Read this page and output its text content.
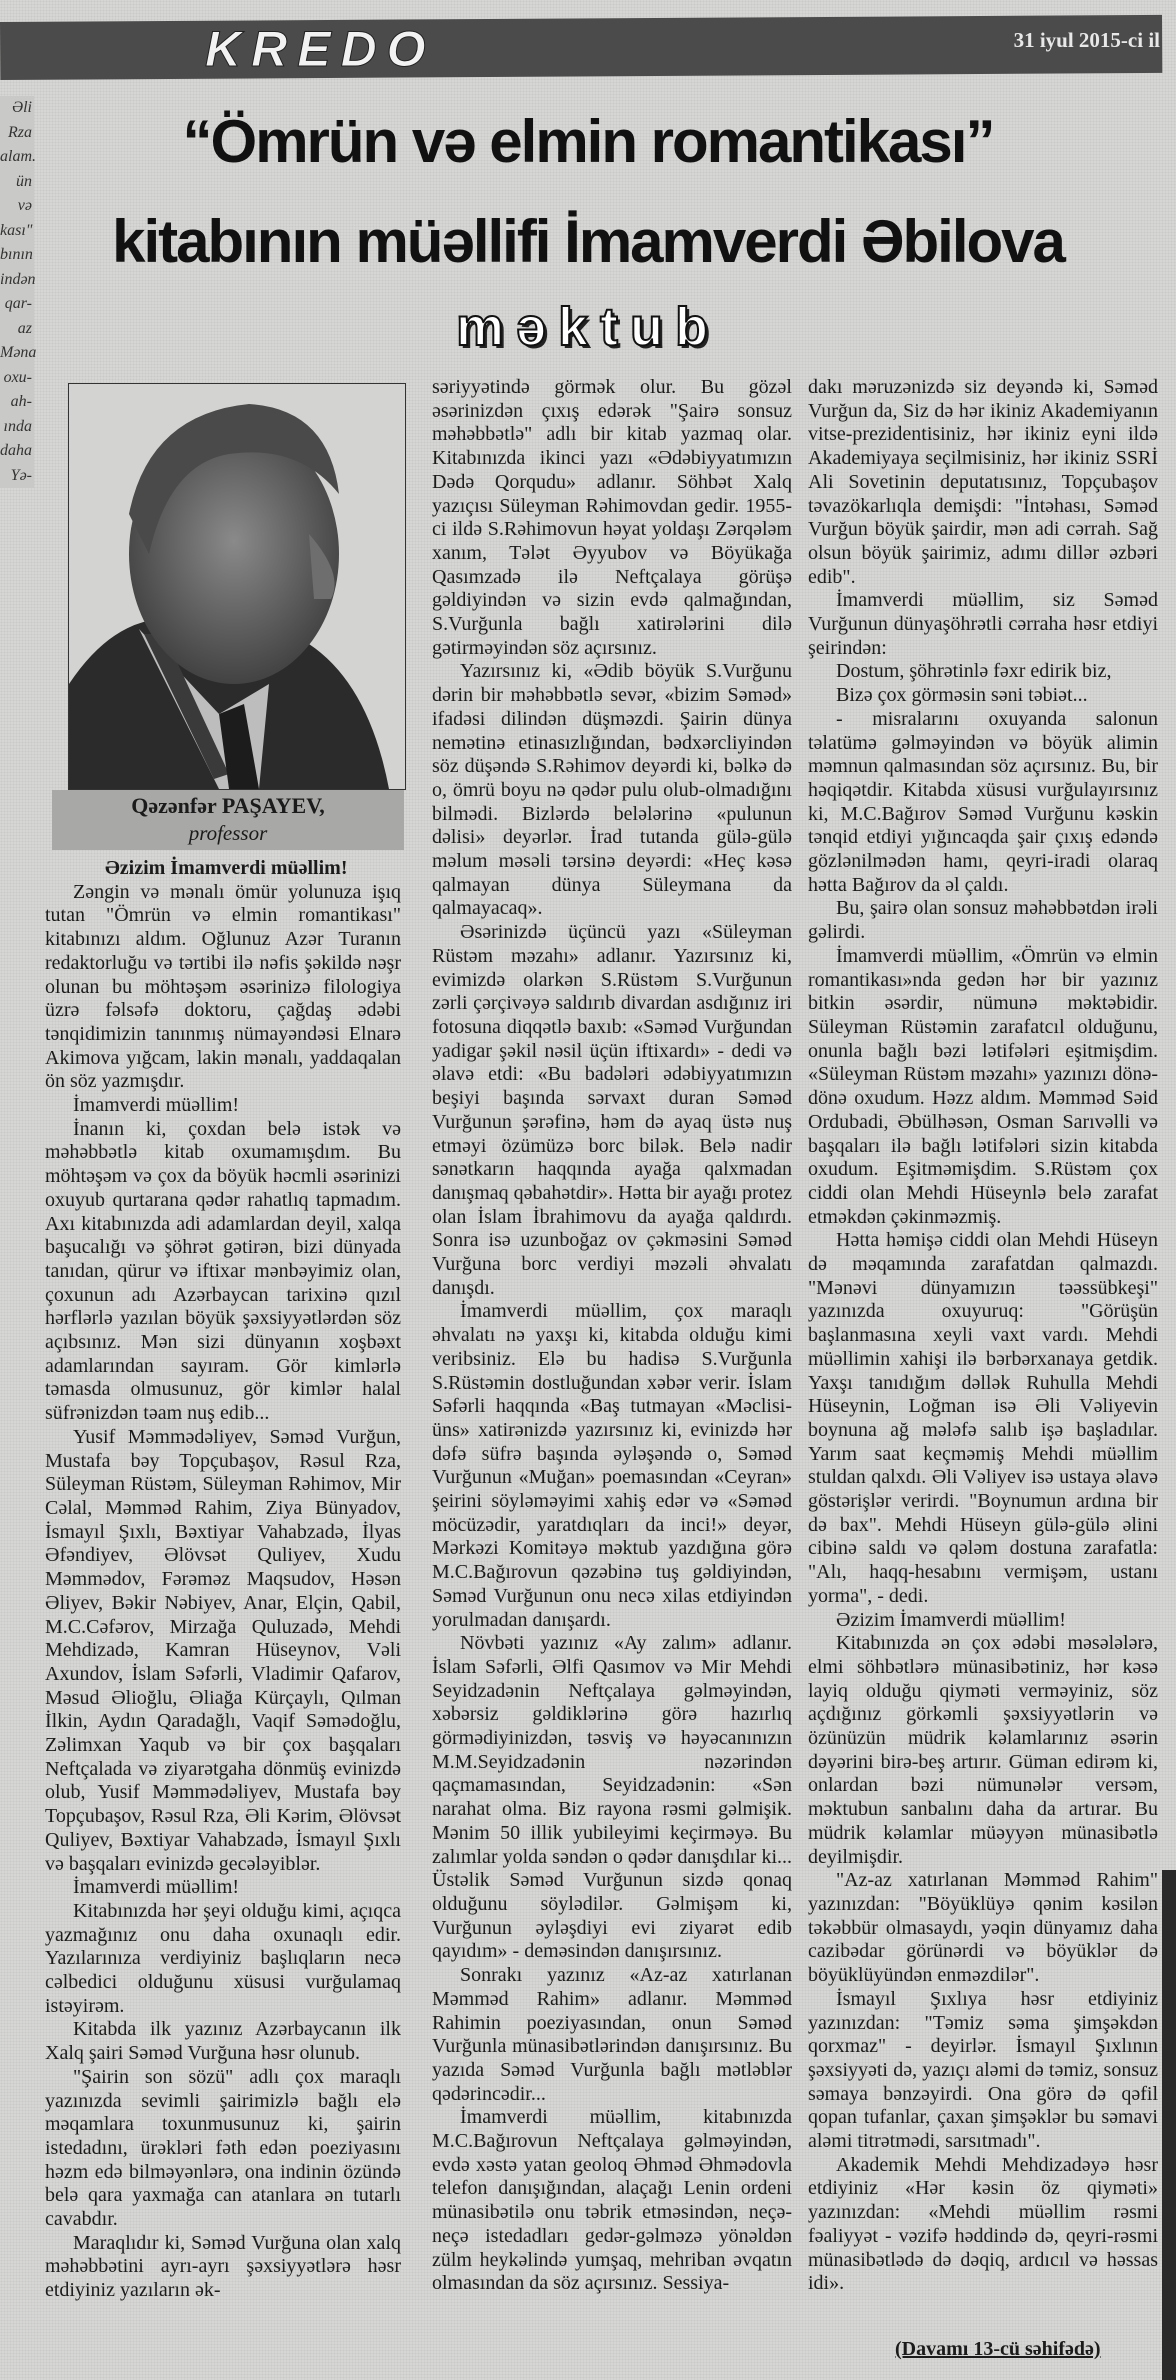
KREDO	31 iyul 2015-ci il
Əli Rza
alam.
ün və
kası"
bının
indən
qar-
az
Məna
oxu-
ah-
ında
daha
Yə-
“Ömrün və elmin romantikası”
kitabının müəllifi İmamverdi Əbilova
məktub
Qəzənfər PAŞAYEV,
professor

Əzizim İmamverdi müəllim!

Zəngin və mənalı ömür yolunuza işıq tutan "Ömrün və elmin romantikası" kitabınızı aldım. Oğlunuz Azər Turanın redaktorluğu və tərtibi ilə nəfis şəkildə nəşr olunan bu möhtəşəm əsərinizə filologiya üzrə fəlsəfə doktoru, çağdaş ədəbi tənqidimizin tanınmış nümayəndəsi Elnarə Akimova yığcam, lakin mənalı, yaddaqalan ön söz yazmışdır.

İmamverdi müəllim!

İnanın ki, çoxdan belə istək və məhəbbətlə kitab oxumamışdım. Bu möhtəşəm və çox da böyük həcmli əsərinizi oxuyub qurtarana qədər rahatlıq tapmadım. Axı kitabınızda adi adamlardan deyil, xalqa başucalığı və şöhrət gətirən, bizi dünyada tanıdan, qürur və iftixar mənbəyimiz olan, çoxunun adı Azərbaycan tarixinə qızıl hərflərlə yazılan böyük şəxsiyyətlərdən söz açıbsınız. Mən sizi dünyanın xoşbəxt adamlarından sayıram. Gör kimlərlə təmasda olmusunuz, gör kimlər halal süfrənizdən təam nuş edib...

Yusif Məmmədəliyev, Səməd Vurğun, Mustafa bəy Topçubaşov, Rəsul Rza, Süleyman Rüstəm, Süleyman Rəhimov, Mir Cəlal, Məmməd Rahim, Ziya Bünyadov, İsmayıl Şıxlı, Bəxtiyar Vahabzadə, İlyas Əfəndiyev, Əlövsət Quliyev, Xudu Məmmədov, Fərəməz Maqsudov, Həsən Əliyev, Bəkir Nəbiyev, Anar, Elçin, Qabil, M.C.Cəfərov, Mirzağa Quluzadə, Mehdi Mehdizadə, Kamran Hüseynov, Vəli Axundov, İslam Səfərli, Vladimir Qafarov, Məsud Əlioğlu, Əliağa Kürçaylı, Qılman İlkin, Aydın Qaradağlı, Vaqif Səmədoğlu, Zəlimxan Yaqub və bir çox başqaları Neftçalada və ziyarətgaha dönmüş evinizdə olub, Yusif Məmmədəliyev, Mustafa bəy Topçubaşov, Rəsul Rza, Əli Kərim, Əlövsət Quliyev, Bəxtiyar Vahabzadə, İsmayıl Şıxlı və başqaları evinizdə gecələyiblər.

İmamverdi müəllim!

Kitabınızda hər şeyi olduğu kimi, açıqca yazmağınız onu daha oxunaqlı edir. Yazılarınıza verdiyiniz başlıqların necə cəlbedici olduğunu xüsusi vurğulamaq istəyirəm.

Kitabda ilk yazınız Azərbaycanın ilk Xalq şairi Səməd Vurğuna həsr olunub.

"Şairin son sözü" adlı çox maraqlı yazınızda sevimli şairimizlə bağlı elə məqamlara toxunmusunuz ki, şairin istedadını, ürəkləri fəth edən poeziyasını həzm edə bilməyənlərə, ona indinin özündə belə qara yaxmağa can atanlara ən tutarlı cavabdır.

Maraqlıdır ki, Səməd Vurğuna olan xalq məhəbbətini ayrı-ayrı şəxsiyyətlərə həsr etdiyiniz yazıların ək-

səriyyətində görmək olur. Bu gözəl əsərinizdən çıxış edərək "Şairə sonsuz məhəbbətlə" adlı bir kitab yazmaq olar. Kitabınızda ikinci yazı «Ədəbiyyatımızın Dədə Qorqudu» adlanır. Söhbət Xalq yazıçısı Süleyman Rəhimovdan gedir. 1955-ci ildə S.Rəhimovun həyat yoldaşı Zərqələm xanım, Tələt Əyyubov və Böyükağa Qasımzadə ilə Neftçalaya görüşə gəldiyindən və sizin evdə qalmağından, S.Vurğunla bağlı xatirələrini dilə gətirməyindən söz açırsınız.

Yazırsınız ki, «Ədib böyük S.Vurğunu dərin bir məhəbbətlə sevər, «bizim Səməd» ifadəsi dilindən düşməzdi. Şairin dünya nemətinə etinasızlığından, bədxərcliyindən söz düşəndə S.Rəhimov deyərdi ki, bəlkə də o, ömrü boyu nə qədər pulu olub-olmadığını bilmədi. Bizlərdə belələrinə «pulunun dəlisi» deyərlər. İrad tutanda gülə-gülə məlum məsəli tərsinə deyərdi: «Heç kəsə qalmayan dünya Süleymana da qalmayacaq».

Əsərinizdə üçüncü yazı «Süleyman Rüstəm məzahı» adlanır. Yazırsınız ki, evimizdə olarkən S.Rüstəm S.Vurğunun zərli çərçivəyə saldırıb divardan asdığınız iri fotosuna diqqətlə baxıb: «Səməd Vurğundan yadigar şəkil nəsil üçün iftixardı» - dedi və əlavə etdi: «Bu badələri ədəbiyyatımızın beşiyi başında sərvaxt duran Səməd Vurğunun şərəfinə, həm də ayaq üstə nuş etməyi özümüzə borc bilək. Belə nadir sənətkarın haqqında ayağa qalxmadan danışmaq qəbahətdir». Hətta bir ayağı protez olan İslam İbrahimovu da ayağa qaldırdı. Sonra isə uzunboğaz ov çəkməsini Səməd Vurğuna borc verdiyi məzəli əhvalatı danışdı.

İmamverdi müəllim, çox maraqlı əhvalatı nə yaxşı ki, kitabda olduğu kimi veribsiniz. Elə bu hadisə S.Vurğunla S.Rüstəmin dostluğundan xəbər verir. İslam Səfərli haqqında «Baş tutmayan «Məclisi-üns» xatirənizdə yazırsınız ki, evinizdə hər dəfə süfrə başında əyləşəndə o, Səməd Vurğunun «Muğan» poemasından «Ceyran» şeirini söyləməyimi xahiş edər və «Səməd möcüzədir, yaratdıqları da inci!» deyər, Mərkəzi Komitəyə məktub yazdığına görə M.C.Bağırovun qəzəbinə tuş gəldiyindən, Səməd Vurğunun onu necə xilas etdiyindən yorulmadan danışardı.

Növbəti yazınız «Ay zalım» adlanır. İslam Səfərli, Əlfi Qasımov və Mir Mehdi Seyidzadənin Neftçalaya gəlməyindən, xəbərsiz gəldiklərinə görə hazırlıq görmədiyinizdən, təsviş və həyəcanınızın M.M.Seyidzadənin nəzərindən qaçmamasından, Seyidzadənin: «Sən narahat olma. Biz rayona rəsmi gəlmişik. Mənim 50 illik yubileyimi keçirməyə. Bu zalımlar yolda səndən o qədər danışdılar ki... Üstəlik Səməd Vurğunun sizdə qonaq olduğunu söylədilər. Gəlmişəm ki, Vurğunun əyləşdiyi evi ziyarət edib qayıdım» - deməsindən danışırsınız.

Sonrakı yazınız «Az-az xatırlanan Məmməd Rahim» adlanır. Məmməd Rahimin poeziyasından, onun Səməd Vurğunla münasibətlərindən danışırsınız. Bu yazıda Səməd Vurğunla bağlı mətləblər qədərincədir...

İmamverdi müəllim, kitabınızda M.C.Bağırovun Neftçalaya gəlməyindən, evdə xəstə yatan geoloq Əhməd Əhmədovla telefon danışığından, alaçağı Lenin ordeni münasibətilə onu təbrik etməsindən, neçə-neçə istedadları gedər-gəlməzə yönəldən zülm heykəlində yumşaq, mehriban əvqatın olmasından da söz açırsınız. Sessiya-

dakı məruzənizdə siz deyəndə ki, Səməd Vurğun da, Siz də hər ikiniz Akademiyanın vitse-prezidentisiniz, hər ikiniz eyni ildə Akademiyaya seçilmisiniz, hər ikiniz SSRİ Ali Sovetinin deputatısınız, Topçubaşov təvazökarlıqla demişdi: "İntəhası, Səməd Vurğun böyük şairdir, mən adi cərrah. Sağ olsun böyük şairimiz, adımı dillər əzbəri edib".

İmamverdi müəllim, siz Səməd Vurğunun dünyaşöhrətli cərraha həsr etdiyi şeirindən:

Dostum, şöhrətinlə fəxr edirik biz,

Bizə çox görməsin səni təbiət...

- misralarını oxuyanda salonun təlatümə gəlməyindən və böyük alimin məmnun qalmasından söz açırsınız. Bu, bir həqiqətdir. Kitabda xüsusi vurğulayırsınız ki, M.C.Bağırov Səməd Vurğunu kəskin tənqid etdiyi yığıncaqda şair çıxış edəndə gözlənilmədən hamı, qeyri-iradi olaraq hətta Bağırov da əl çaldı.

Bu, şairə olan sonsuz məhəbbətdən irəli gəlirdi.

İmamverdi müəllim, «Ömrün və elmin romantikası»nda gedən hər bir yazınız bitkin əsərdir, nümunə məktəbidir. Süleyman Rüstəmin zarafatcıl olduğunu, onunla bağlı bəzi lətifələri eşitmişdim. «Süleyman Rüstəm məzahı» yazınızı dönə-dönə oxudum. Həzz aldım. Məmməd Səid Ordubadi, Əbülhəsən, Osman Sarıvəlli və başqaları ilə bağlı lətifələri sizin kitabda oxudum. Eşitməmişdim. S.Rüstəm çox ciddi olan Mehdi Hüseynlə belə zarafat etməkdən çəkinməzmiş.

Hətta həmişə ciddi olan Mehdi Hüseyn də məqamında zarafatdan qalmazdı. "Mənəvi dünyamızın təəssübkeşi" yazınızda oxuyuruq: "Görüşün başlanmasına xeyli vaxt vardı. Mehdi müəllimin xahişi ilə bərbərxanaya getdik. Yaxşı tanıdığım dəllək Ruhulla Mehdi Hüseynin, Loğman isə Əli Vəliyevin boynuna ağ mələfə salıb işə başladılar. Yarım saat keçməmiş Mehdi müəllim stuldan qalxdı. Əli Vəliyev isə ustaya əlavə göstərişlər verirdi. "Boynumun ardına bir də bax". Mehdi Hüseyn gülə-gülə əlini cibinə saldı və qələm dostuna zarafatla: "Alı, haqq-hesabını vermişəm, ustanı yorma", - dedi.

Əzizim İmamverdi müəllim!

Kitabınızda ən çox ədəbi məsələlərə, elmi söhbətlərə münasibətiniz, hər kəsə layiq olduğu qiyməti verməyiniz, söz açdığınız görkəmli şəxsiyyətlərin və özünüzün müdrik kəlamlarınız əsərin dəyərini birə-beş artırır. Güman edirəm ki, onlardan bəzi nümunələr versəm, məktubun sanbalını daha da artırar. Bu müdrik kəlamlar müəyyən münasibətlə deyilmişdir.

"Az-az xatırlanan Məmməd Rahim" yazınızdan: "Böyüklüyə qənim kəsilən təkəbbür olmasaydı, yəqin dünyamız daha cazibədar görünərdi və böyüklər də böyüklüyündən enməzdilər".

İsmayıl Şıxlıya həsr etdiyiniz yazınızdan: "Təmiz səma şimşəkdən qorxmaz" - deyirlər. İsmayıl Şıxlının şəxsiyyəti də, yazıçı aləmi də təmiz, sonsuz səmaya bənzəyirdi. Ona görə də qəfil qopan tufanlar, çaxan şimşəklər bu səmavi aləmi titrətmədi, sarsıtmadı".

Akademik Mehdi Mehdizadəyə həsr etdiyiniz «Hər kəsin öz qiyməti» yazınızdan: «Mehdi müəllim rəsmi fəaliyyət - vəzifə həddində də, qeyri-rəsmi münasibətlədə də dəqiq, ardıcıl və həssas idi».

(Davamı 13-cü səhifədə)
